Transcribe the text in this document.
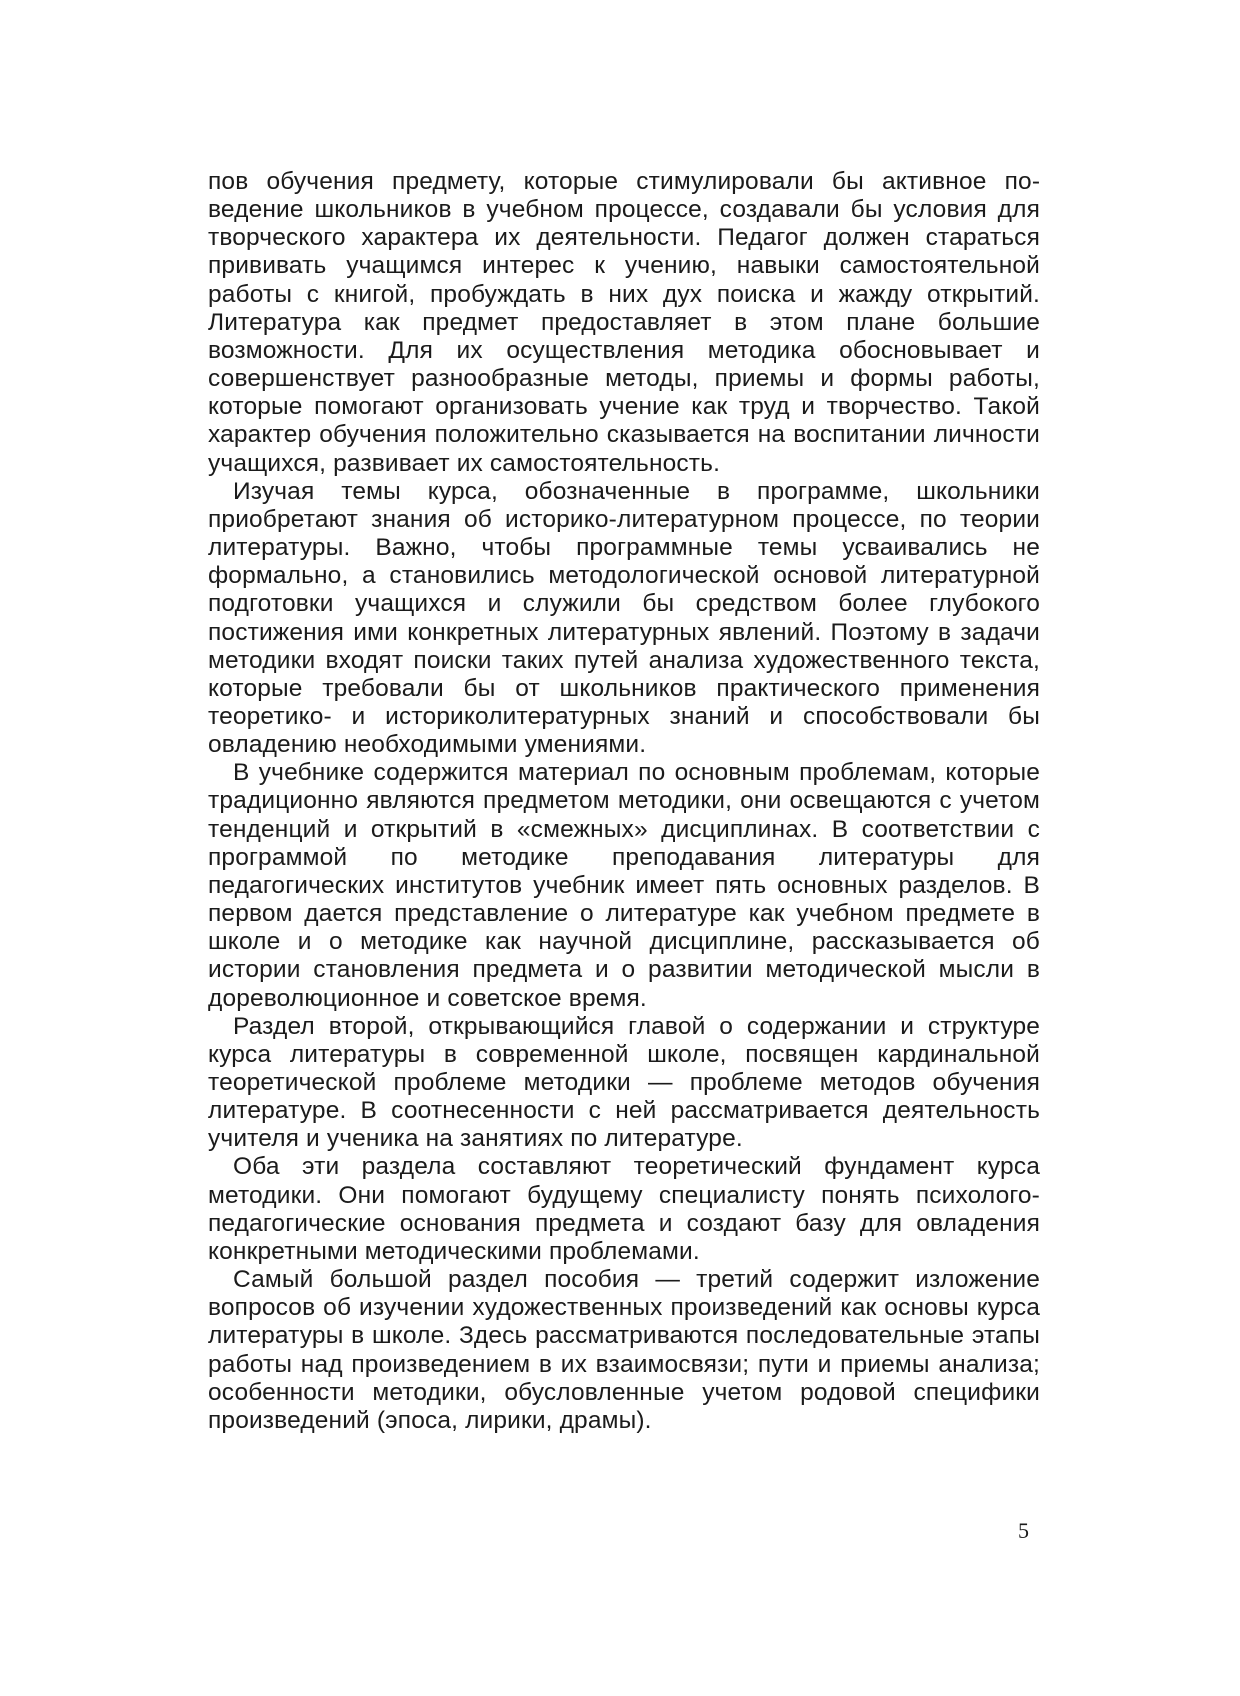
пов обучения предмету, которые стимулировали бы активное поведение школьников в учебном процессе, создавали бы условия для творческого характера их деятельности. Педагог должен стараться прививать учащимся интерес к учению, навыки самостоятельной работы с книгой, пробуждать в них дух поиска и жажду открытий. Литература как предмет предоставляет в этом плане большие возможности. Для их осуществления методика обосновывает и совершенствует разнообразные методы, приемы и формы работы, которые помогают организовать учение как труд и творчество. Такой характер обучения положительно сказывается на воспитании личности учащихся, развивает их самостоятельность.

Изучая темы курса, обозначенные в программе, школьники приобретают знания об историко-литературном процессе, по теории литературы. Важно, чтобы программные темы усваивались не формально, а становились методологической основой литературной подготовки учащихся и служили бы средством более глубокого постижения ими конкретных литературных явлений. Поэтому в задачи методики входят поиски таких путей анализа художественного текста, которые требовали бы от школьников практического применения теоретико- и историколитературных знаний и способствовали бы овладению необходимыми умениями.

В учебнике содержится материал по основным проблемам, которые традиционно являются предметом методики, они освещаются с учетом тенденций и открытий в «смежных» дисциплинах. В соответствии с программой по методике преподавания литературы для педагогических институтов учебник имеет пять основных разделов. В первом дается представление о литературе как учебном предмете в школе и о методике как научной дисциплине, рассказывается об истории становления предмета и о развитии методической мысли в дореволюционное и советское время.

Раздел второй, открывающийся главой о содержании и структуре курса литературы в современной школе, посвящен кардинальной теоретической проблеме методики — проблеме методов обучения литературе. В соотнесенности с ней рассматривается деятельность учителя и ученика на занятиях по литературе.

Оба эти раздела составляют теоретический фундамент курса методики. Они помогают будущему специалисту понять психолого-педагогические основания предмета и создают базу для овладения конкретными методическими проблемами.

Самый большой раздел пособия — третий содержит изложение вопросов об изучении художественных произведений как основы курса литературы в школе. Здесь рассматриваются последовательные этапы работы над произведением в их взаимосвязи; пути и приемы анализа; особенности методики, обусловленные учетом родовой специфики произведений (эпоса, лирики, драмы).

5
